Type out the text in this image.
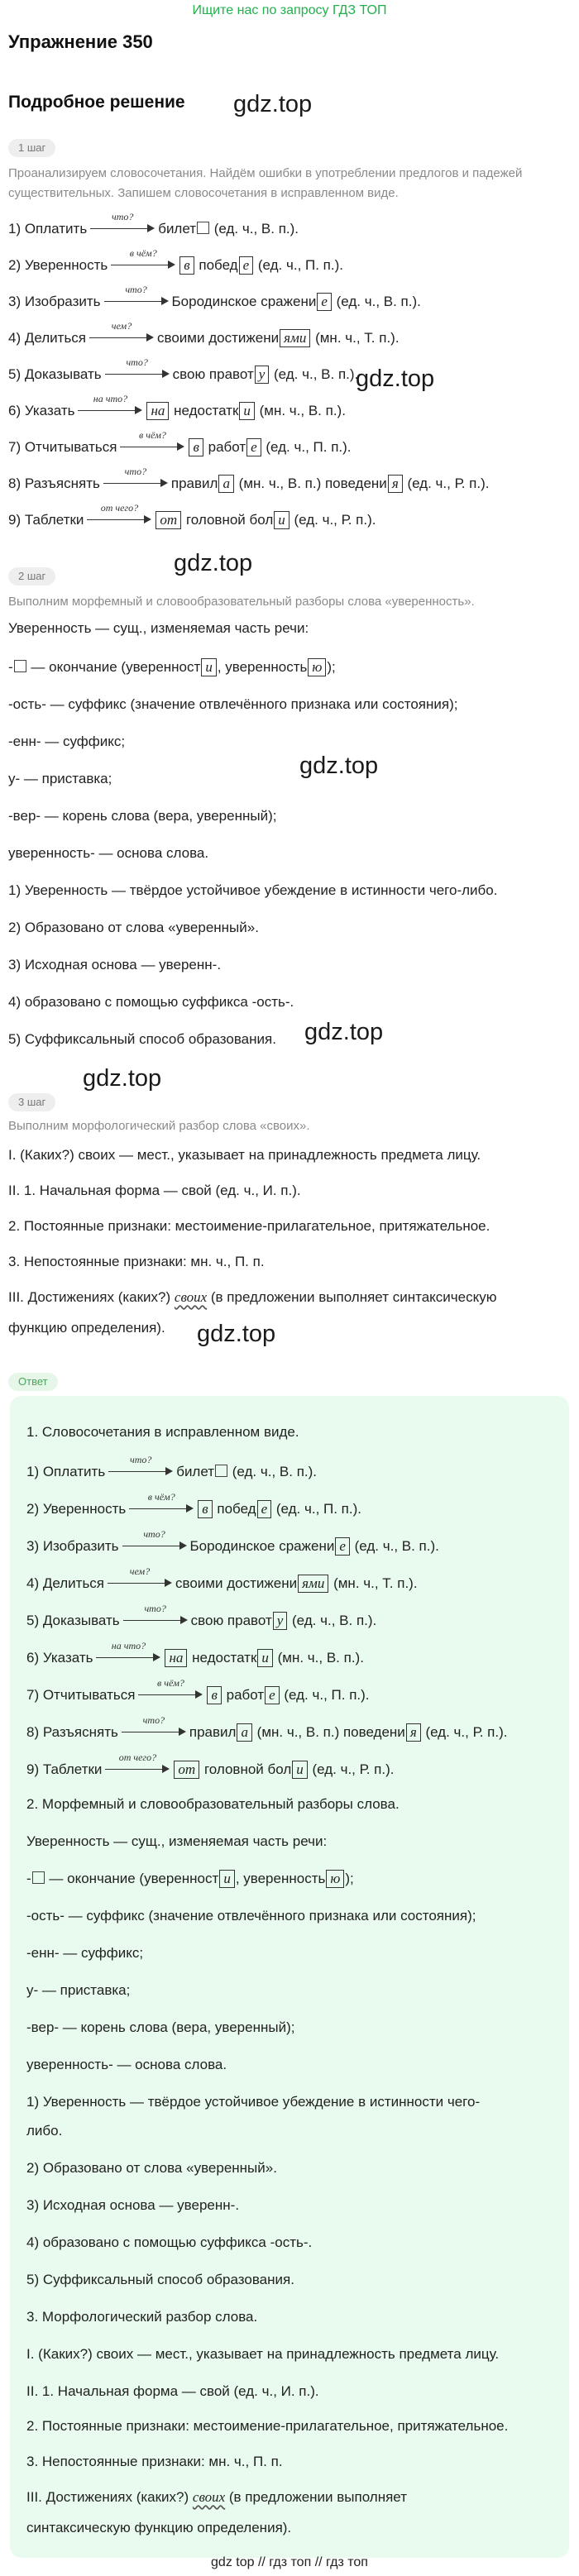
Ищите нас по запросу ГДЗ ТОП
Упражнение 350
Подробное решение gdz.top
gdz.top
gdz.top
gdz.top
gdz.top
gdz.top
gdz.top
1 шаг
Проанализируем словосочетания. Найдём ошибки в употреблении предлогов и падежей существительных. Запишем словосочетания в исправленном виде.
1) Оплатить
что?
билет (ед. ч., В. п.).
2) Уверенность
в чём?
в побед е (ед. ч., П. п.).
3) Изобразить
что?
Бородинское сражени е (ед. ч., В. п.).
4) Делиться
чем?
своими достижени ями (мн. ч., Т. п.).
5) Доказывать
что?
свою правот у (ед. ч., В. п.).
6) Указать
на что?
на недостатк и (мн. ч., В. п.).
7) Отчитываться
в чём?
в работ е (ед. ч., П. п.).
8) Разъяснять
что?
правил а (мн. ч., В. п.) поведени я (ед. ч., Р. п.).
9) Таблетки
от чего?
от головной бол и (ед. ч., Р. п.).
2 шаг
Выполним морфемный и словообразовательный разборы слова «уверенность».
Уверенность — сущ., изменяемая часть речи:
- — окончание (уверенност и , уверенность ю );
-ость- — суффикс (значение отвлечённого признака или состояния);
-енн- — суффикс;
у- — приставка;
-вер- — корень слова (вера, уверенный);
уверенность- — основа слова.
1) Уверенность — твёрдое устойчивое убеждение в истинности чего-либо.
2) Образовано от слова «уверенный».
3) Исходная основа — уверенн-.
4) образовано с помощью суффикса -ость-.
5) Суффиксальный способ образования.
3 шаг
Выполним морфологический разбор слова «своих».
I. (Каких?) своих — мест., указывает на принадлежность предмета лицу.
II. 1. Начальная форма — свой (ед. ч., И. п.).
2. Постоянные признаки: местоимение-прилагательное, притяжательное.
3. Непостоянные признаки: мн. ч., П. п.
III. Достижениях (каких?) своих (в предложении выполняет синтаксическую
функцию определения).
Ответ
1. Словосочетания в исправленном виде.
1) Оплатить
что?
билет (ед. ч., В. п.).
2) Уверенность
в чём?
в побед е (ед. ч., П. п.).
3) Изобразить
что?
Бородинское сражени е (ед. ч., В. п.).
4) Делиться
чем?
своими достижени ями (мн. ч., Т. п.).
5) Доказывать
что?
свою правот у (ед. ч., В. п.).
6) Указать
на что?
на недостатк и (мн. ч., В. п.).
7) Отчитываться
в чём?
в работ е (ед. ч., П. п.).
8) Разъяснять
что?
правил а (мн. ч., В. п.) поведени я (ед. ч., Р. п.).
9) Таблетки
от чего?
от головной бол и (ед. ч., Р. п.).
2. Морфемный и словообразовательный разборы слова.
Уверенность — сущ., изменяемая часть речи:
- — окончание (уверенност и , уверенность ю );
-ость- — суффикс (значение отвлечённого признака или состояния);
-енн- — суффикс;
у- — приставка;
-вер- — корень слова (вера, уверенный);
уверенность- — основа слова.
1) Уверенность — твёрдое устойчивое убеждение в истинности чего-
либо.
2) Образовано от слова «уверенный».
3) Исходная основа — уверенн-.
4) образовано с помощью суффикса -ость-.
5) Суффиксальный способ образования.
3. Морфологический разбор слова.
I. (Каких?) своих — мест., указывает на принадлежность предмета лицу.
II. 1. Начальная форма — свой (ед. ч., И. п.).
2. Постоянные признаки: местоимение-прилагательное, притяжательное.
3. Непостоянные признаки: мн. ч., П. п.
III. Достижениях (каких?) своих (в предложении выполняет
синтаксическую функцию определения).
gdz top // гдз топ // гдз топ
